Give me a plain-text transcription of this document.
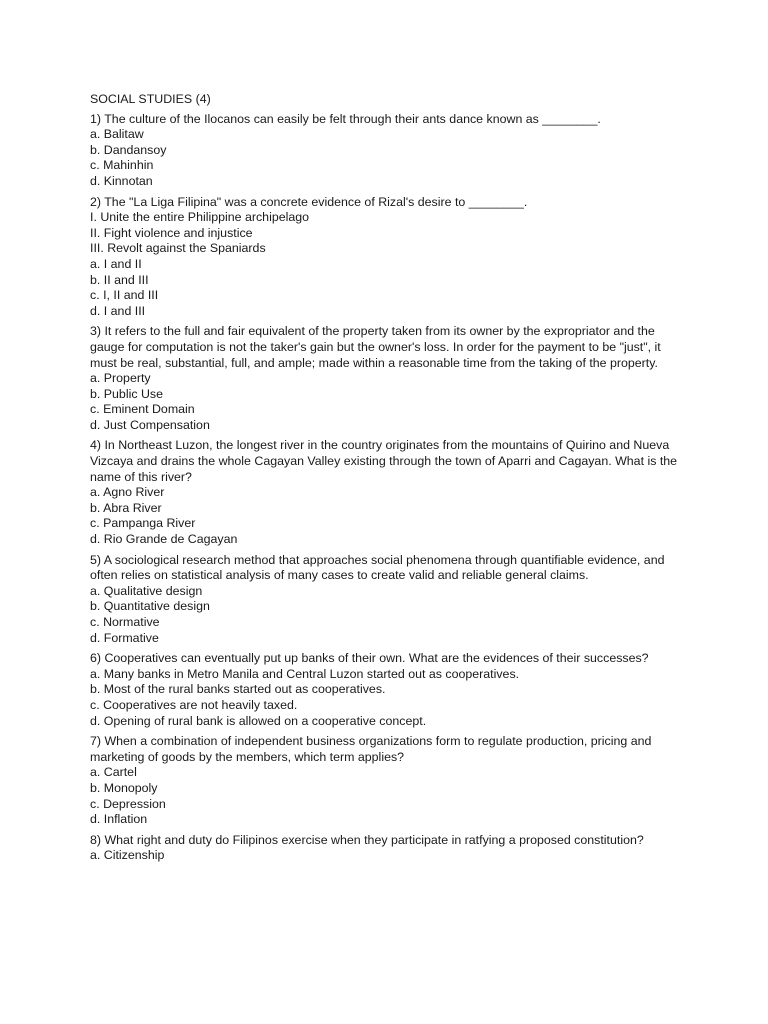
SOCIAL STUDIES (4)
1) The culture of the Ilocanos can easily be felt through their ants dance known as ________.
a. Balitaw
b. Dandansoy
c. Mahinhin
d. Kinnotan
2) The "La Liga Filipina" was a concrete evidence of Rizal's desire to ________.
I. Unite the entire Philippine archipelago
II. Fight violence and injustice
III. Revolt against the Spaniards
a. I and II
b. II and III
c. I, II and III
d. I and III
3) It refers to the full and fair equivalent of the property taken from its owner by the expropriator and the gauge for computation is not the taker's gain but the owner's loss. In order for the payment to be "just", it must be real, substantial, full, and ample; made within a reasonable time from the taking of the property.
a. Property
b. Public Use
c. Eminent Domain
d. Just Compensation
4) In Northeast Luzon, the longest river in the country originates from the mountains of Quirino and Nueva Vizcaya and drains the whole Cagayan Valley existing through the town of Aparri and Cagayan. What is the name of this river?
a. Agno River
b. Abra River
c. Pampanga River
d. Rio Grande de Cagayan
5) A sociological research method that approaches social phenomena through quantifiable evidence, and often relies on statistical analysis of many cases to create valid and reliable general claims.
a. Qualitative design
b. Quantitative design
c. Normative
d. Formative
6) Cooperatives can eventually put up banks of their own. What are the evidences of their successes?
a. Many banks in Metro Manila and Central Luzon started out as cooperatives.
b. Most of the rural banks started out as cooperatives.
c. Cooperatives are not heavily taxed.
d. Opening of rural bank is allowed on a cooperative concept.
7) When a combination of independent business organizations form to regulate production, pricing and marketing of goods by the members, which term applies?
a. Cartel
b. Monopoly
c. Depression
d. Inflation
8) What right and duty do Filipinos exercise when they participate in ratfying a proposed constitution?
a. Citizenship
